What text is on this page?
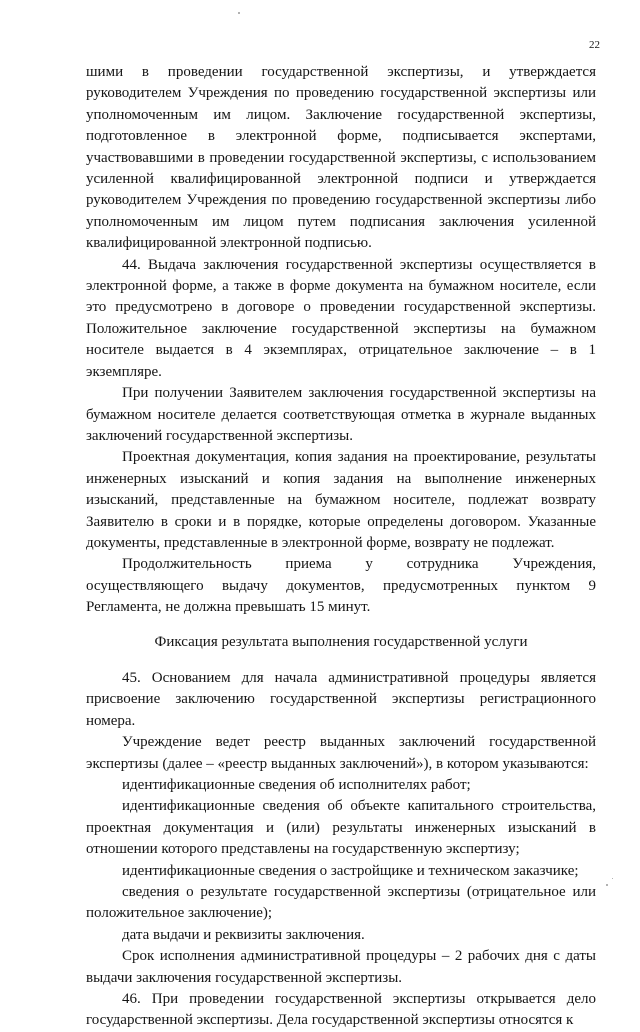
22

шими в проведении государственной экспертизы, и утверждается руководителем Учреждения по проведению государственной экспертизы или уполномоченным им лицом. Заключение государственной экспертизы, подготовленное в электронной форме, подписывается экспертами, участвовавшими в проведении государственной экспертизы, с использованием усиленной квалифицированной электронной подписи и утверждается руководителем Учреждения по проведению государственной экспертизы либо уполномоченным им лицом путем подписания заключения усиленной квалифицированной электронной подписью.

44. Выдача заключения государственной экспертизы осуществляется в электронной форме, а также в форме документа на бумажном носителе, если это предусмотрено в договоре о проведении государственной экспертизы. Положительное заключение государственной экспертизы на бумажном носителе выдается в 4 экземплярах, отрицательное заключение – в 1 экземпляре.

При получении Заявителем заключения государственной экспертизы на бумажном носителе делается соответствующая отметка в журнале выданных заключений государственной экспертизы.

Проектная документация, копия задания на проектирование, результаты инженерных изысканий и копия задания на выполнение инженерных изысканий, представленные на бумажном носителе, подлежат возврату Заявителю в сроки и в порядке, которые определены договором. Указанные документы, представленные в электронной форме, возврату не подлежат.

Продолжительность приема у сотрудника Учреждения, осуществляющего выдачу документов, предусмотренных пунктом 9 Регламента, не должна превышать 15 минут.

Фиксация результата выполнения государственной услуги

45. Основанием для начала административной процедуры является присвоение заключению государственной экспертизы регистрационного номера.

Учреждение ведет реестр выданных заключений государственной экспертизы (далее – «реестр выданных заключений»), в котором указываются:

идентификационные сведения об исполнителях работ;

идентификационные сведения об объекте капитального строительства, проектная документация и (или) результаты инженерных изысканий в отношении которого представлены на государственную экспертизу;

идентификационные сведения о застройщике и техническом заказчике;

сведения о результате государственной экспертизы (отрицательное или положительное заключение);

дата выдачи и реквизиты заключения.

Срок исполнения административной процедуры – 2 рабочих дня с даты выдачи заключения государственной экспертизы.

46. При проведении государственной экспертизы открывается дело государственной экспертизы. Дела государственной экспертизы относятся к
